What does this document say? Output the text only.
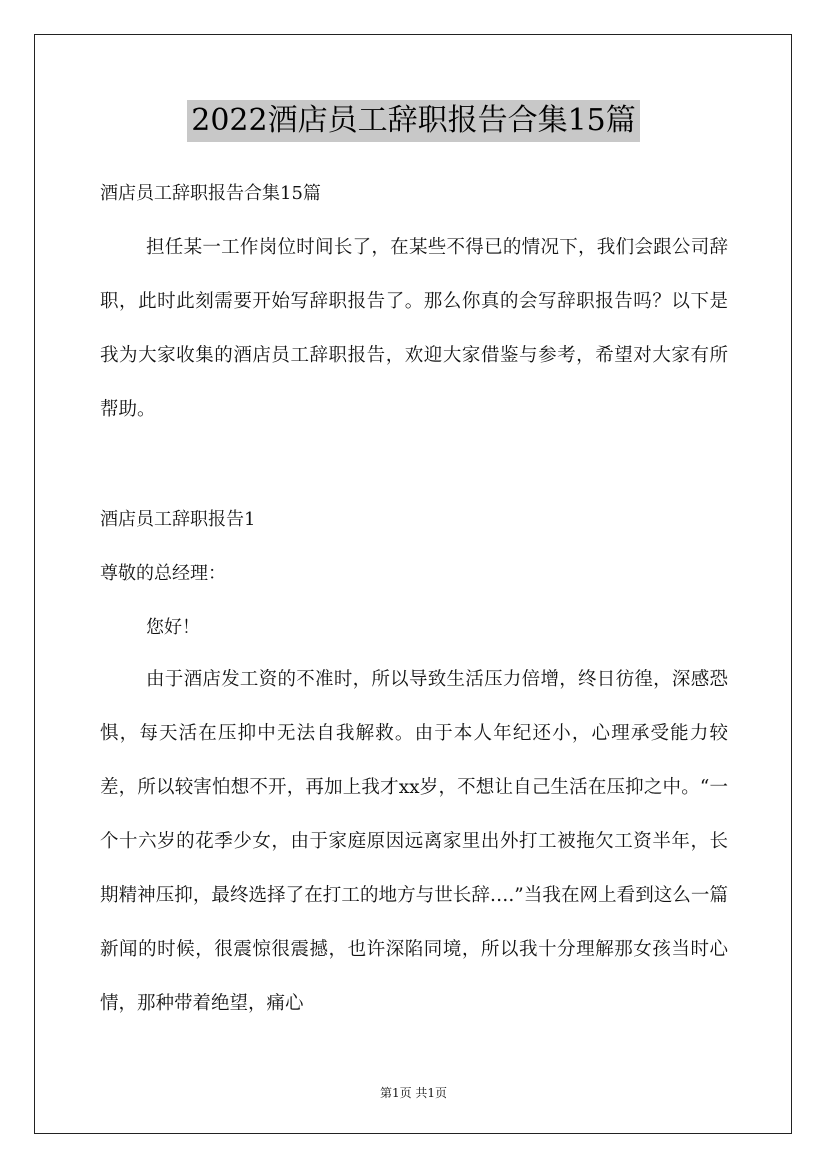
2022酒店员工辞职报告合集15篇
酒店员工辞职报告合集15篇

担任某一工作岗位时间长了，在某些不得已的情况下，我们会跟公司辞职，此时此刻需要开始写辞职报告了。那么你真的会写辞职报告吗？以下是我为大家收集的酒店员工辞职报告，欢迎大家借鉴与参考，希望对大家有所帮助。

酒店员工辞职报告1
尊敬的总经理：
您好！

由于酒店发工资的不准时，所以导致生活压力倍增，终日彷徨，深感恐惧，每天活在压抑中无法自我解救。由于本人年纪还小，心理承受能力较差，所以较害怕想不开，再加上我才xx岁，不想让自己生活在压抑之中。“一个十六岁的花季少女，由于家庭原因远离家里出外打工被拖欠工资半年，长期精神压抑，最终选择了在打工的地方与世长辞….”当我在网上看到这么一篇新闻的时候，很震惊很震撼，也许深陷同境，所以我十分理解那女孩当时心情，那种带着绝望，痛心

第1页 共1页
